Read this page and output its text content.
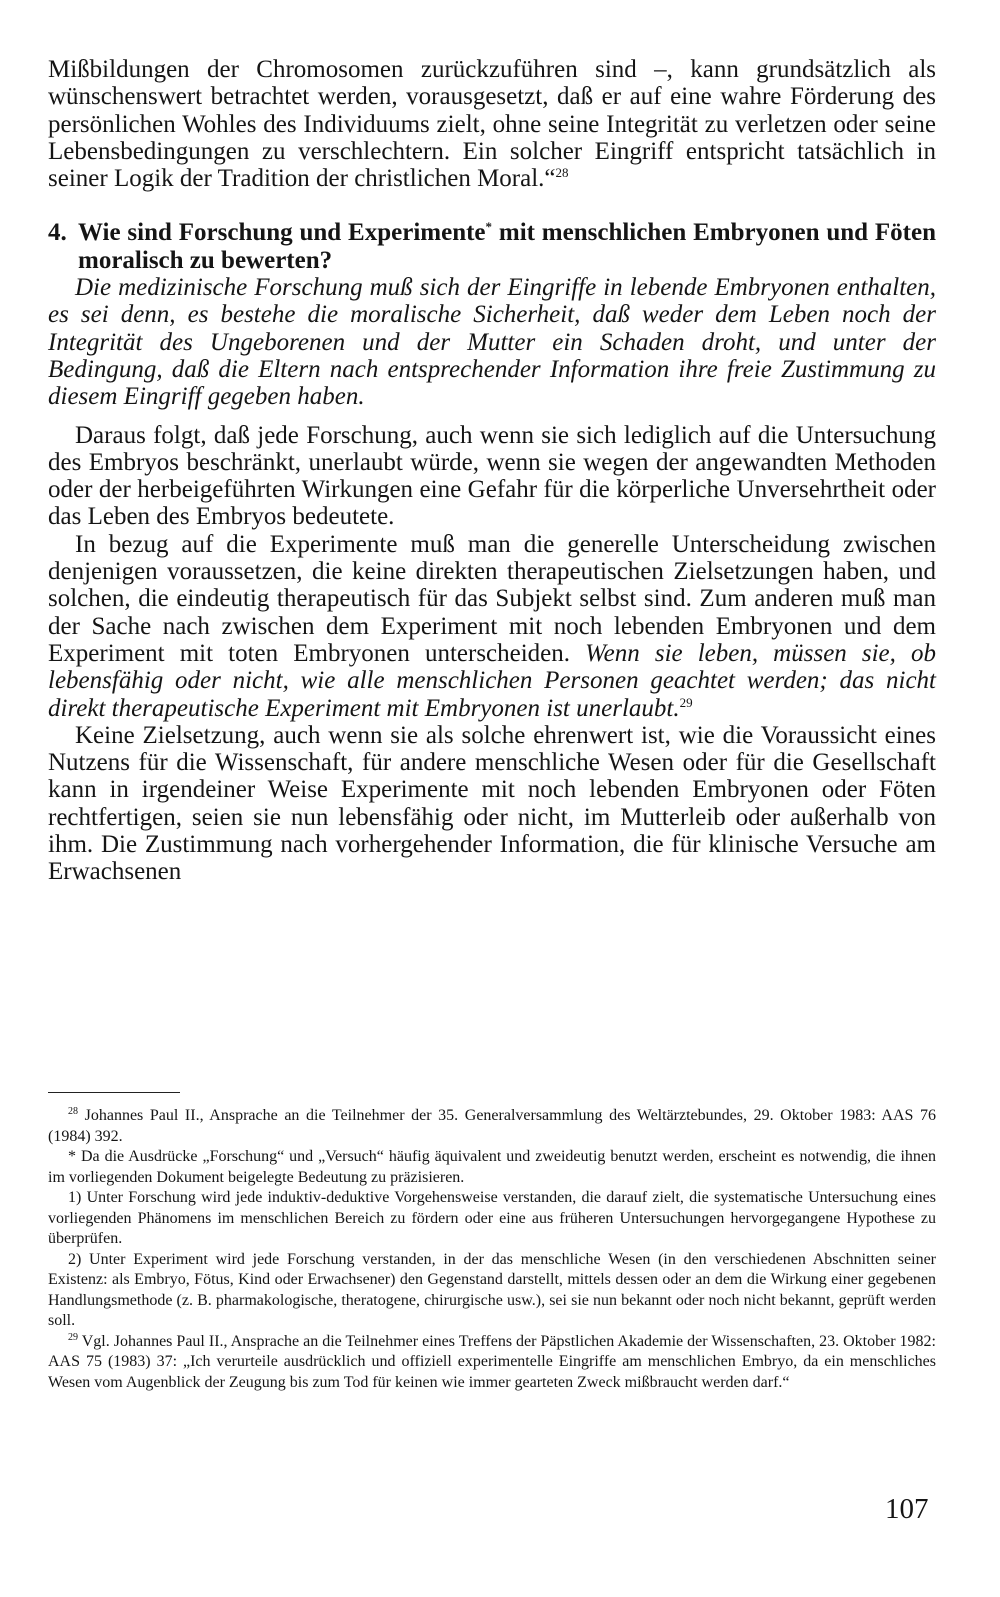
Mißbildungen der Chromosomen zurückzuführen sind –, kann grundsätzlich als wünschenswert betrachtet werden, vorausgesetzt, daß er auf eine wahre Förderung des persönlichen Wohles des Individuums zielt, ohne seine Integrität zu verletzen oder seine Lebensbedingungen zu verschlechtern. Ein solcher Eingriff entspricht tatsächlich in seiner Logik der Tradition der christlichen Moral.“$^{28}$

4. Wie sind Forschung und Experimente* mit menschlichen Embryonen und Föten moralisch zu bewerten?

Die medizinische Forschung muß sich der Eingriffe in lebende Embryonen enthalten, es sei denn, es bestehe die moralische Sicherheit, daß weder dem Leben noch der Integrität des Ungeborenen und der Mutter ein Schaden droht, und unter der Bedingung, daß die Eltern nach entsprechender Information ihre freie Zustimmung zu diesem Eingriff gegeben haben.

Daraus folgt, daß jede Forschung, auch wenn sie sich lediglich auf die Untersuchung des Embryos beschränkt, unerlaubt würde, wenn sie wegen der angewandten Methoden oder der herbeigeführten Wirkungen eine Gefahr für die körperliche Unversehrtheit oder das Leben des Embryos bedeutete.

In bezug auf die Experimente muß man die generelle Unterscheidung zwischen denjenigen voraussetzen, die keine direkten therapeutischen Zielsetzungen haben, und solchen, die eindeutig therapeutisch für das Subjekt selbst sind. Zum anderen muß man der Sache nach zwischen dem Experiment mit noch lebenden Embryonen und dem Experiment mit toten Embryonen unterscheiden. Wenn sie leben, müssen sie, ob lebensfähig oder nicht, wie alle menschlichen Personen geachtet werden; das nicht direkt therapeutische Experiment mit Embryonen ist unerlaubt.$^{29}$

Keine Zielsetzung, auch wenn sie als solche ehrenwert ist, wie die Voraussicht eines Nutzens für die Wissenschaft, für andere menschliche Wesen oder für die Gesellschaft kann in irgendeiner Weise Experimente mit noch lebenden Embryonen oder Föten rechtfertigen, seien sie nun lebensfähig oder nicht, im Mutterleib oder außerhalb von ihm. Die Zustimmung nach vorhergehender Information, die für klinische Versuche am Erwachsenen

$^{28}$ Johannes Paul II., Ansprache an die Teilnehmer der 35. Generalversammlung des Weltärztebundes, 29. Oktober 1983: AAS 76 (1984) 392.

* Da die Ausdrücke „Forschung“ und „Versuch“ häufig äquivalent und zweideutig benutzt werden, erscheint es notwendig, die ihnen im vorliegenden Dokument beigelegte Bedeutung zu präzisieren.

1) Unter Forschung wird jede induktiv-deduktive Vorgehensweise verstanden, die darauf zielt, die systematische Untersuchung eines vorliegenden Phänomens im menschlichen Bereich zu fördern oder eine aus früheren Untersuchungen hervorgegangene Hypothese zu überprüfen.

2) Unter Experiment wird jede Forschung verstanden, in der das menschliche Wesen (in den verschiedenen Abschnitten seiner Existenz: als Embryo, Fötus, Kind oder Erwachsener) den Gegenstand darstellt, mittels dessen oder an dem die Wirkung einer gegebenen Handlungsmethode (z. B. pharmakologische, theratogene, chirurgische usw.), sei sie nun bekannt oder noch nicht bekannt, geprüft werden soll.

$^{29}$ Vgl. Johannes Paul II., Ansprache an die Teilnehmer eines Treffens der Päpstlichen Akademie der Wissenschaften, 23. Oktober 1982: AAS 75 (1983) 37: „Ich verurteile ausdrücklich und offiziell experimentelle Eingriffe am menschlichen Embryo, da ein menschliches Wesen vom Augenblick der Zeugung bis zum Tod für keinen wie immer gearteten Zweck mißbraucht werden darf.“

107
